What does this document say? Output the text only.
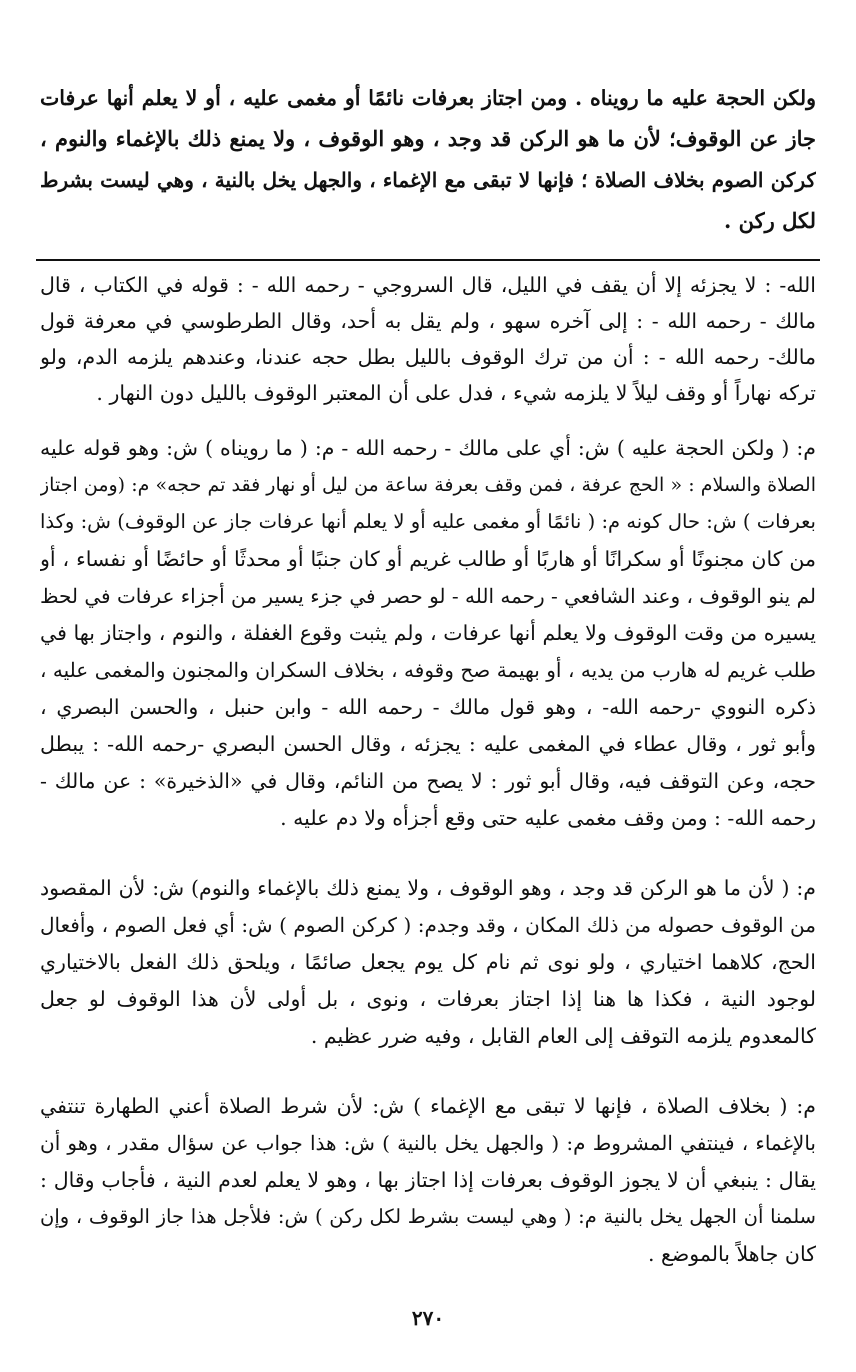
ولكن الحجة عليه ما رويناه . ومن اجتاز بعرفات نائمًا أو مغمى عليه ، أو لا يعلم أنها عرفات
جاز عن الوقوف؛ لأن ما هو الركن قد وجد ، وهو الوقوف ، ولا يمنع ذلك بالإغماء والنوم ،
كركن الصوم بخلاف الصلاة ؛ فإنها لا تبقى مع الإغماء ، والجهل يخل بالنية ، وهي ليست بشرط
لكل ركن .
الله- : لا يجزئه إلا أن يقف في الليل، قال السروجي - رحمه الله - : قوله في الكتاب ، قال
مالك - رحمه الله - : إلى آخره سهو ، ولم يقل به أحد، وقال الطرطوسي في معرفة قول
مالك- رحمه الله - : أن من ترك الوقوف بالليل بطل حجه عندنا، وعندهم يلزمه الدم، ولو
تركه نهاراً أو وقف ليلاً لا يلزمه شيء ، فدل على أن المعتبر الوقوف بالليل دون النهار .
م: ( ولكن الحجة عليه ) ش: أي على مالك - رحمه الله - م: ( ما رويناه ) ش: وهو قوله عليه
الصلاة والسلام : « الحج عرفة ، فمن وقف بعرفة ساعة من ليل أو نهار فقد تم حجه» م: (ومن اجتاز
بعرفات ) ش: حال كونه م: ( نائمًا أو مغمى عليه أو لا يعلم أنها عرفات جاز عن الوقوف) ش: وكذا
من كان مجنونًا أو سكرانًا أو هاربًا أو طالب غريم أو كان جنبًا أو محدثًا أو حائضًا أو نفساء ، أو
لم ينو الوقوف ، وعند الشافعي - رحمه الله - لو حصر في جزء يسير من أجزاء عرفات في لحظ
يسيره من وقت الوقوف ولا يعلم أنها عرفات ، ولم يثبت وقوع الغفلة ، والنوم ، واجتاز بها في
طلب غريم له هارب من يديه ، أو بهيمة صح وقوفه ، بخلاف السكران والمجنون والمغمى عليه ،
ذكره النووي -رحمه الله- ، وهو قول مالك - رحمه الله - وابن حنبل ، والحسن البصري ،
وأبو ثور ، وقال عطاء في المغمى عليه : يجزئه ، وقال الحسن البصري -رحمه الله- : يبطل
حجه، وعن التوقف فيه، وقال أبو ثور : لا يصح من النائم، وقال في «الذخيرة» : عن مالك -
رحمه الله- : ومن وقف مغمى عليه حتى وقع أجزأه ولا دم عليه .
م: ( لأن ما هو الركن قد وجد ، وهو الوقوف ، ولا يمنع ذلك بالإغماء والنوم) ش: لأن المقصود
من الوقوف حصوله من ذلك المكان ، وقد وجدم: ( كركن الصوم ) ش: أي فعل الصوم ، وأفعال
الحج، كلاهما اختياري ، ولو نوى ثم نام كل يوم يجعل صائمًا ، ويلحق ذلك الفعل بالاختياري
لوجود النية ، فكذا ها هنا إذا اجتاز بعرفات ، ونوى ، بل أولى لأن هذا الوقوف لو جعل
كالمعدوم يلزمه التوقف إلى العام القابل ، وفيه ضرر عظيم .
م: ( بخلاف الصلاة ، فإنها لا تبقى مع الإغماء ) ش: لأن شرط الصلاة أعني الطهارة تنتفي
بالإغماء ، فينتفي المشروط م: ( والجهل يخل بالنية ) ش: هذا جواب عن سؤال مقدر ، وهو أن
يقال : ينبغي أن لا يجوز الوقوف بعرفات إذا اجتاز بها ، وهو لا يعلم لعدم النية ، فأجاب وقال :
سلمنا أن الجهل يخل بالنية م: ( وهي ليست بشرط لكل ركن ) ش: فلأجل هذا جاز الوقوف ، وإن
كان جاهلاً بالموضع .
٢٧٠
